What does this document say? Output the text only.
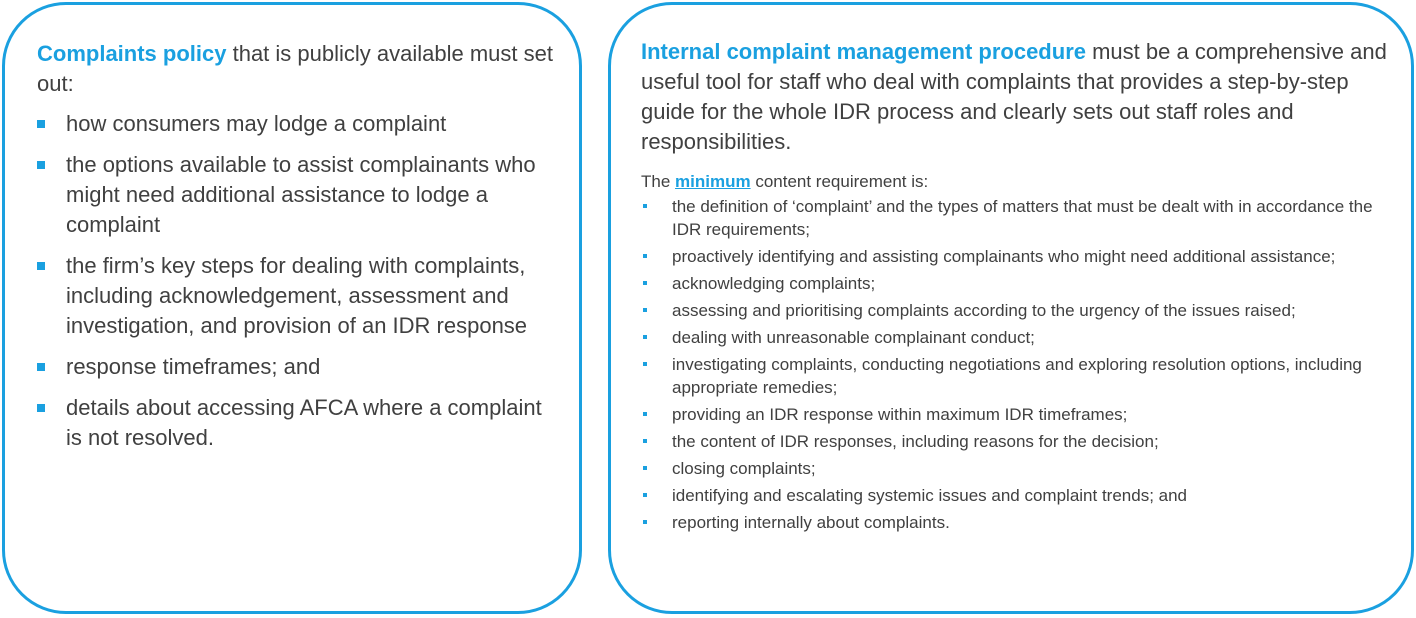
Complaints policy that is publicly available must set out:

how consumers may lodge a complaint
the options available to assist complainants who might need additional assistance to lodge a complaint
the firm’s key steps for dealing with complaints, including acknowledgement, assessment and investigation, and provision of an IDR response
response timeframes; and
details about accessing AFCA where a complaint is not resolved.

Internal complaint management procedure must be a comprehensive and useful tool for staff who deal with complaints that provides a step-by-step guide for the whole IDR process and clearly sets out staff roles and responsibilities.

The minimum content requirement is:

the definition of ‘complaint’ and the types of matters that must be dealt with in accordance the IDR requirements;
proactively identifying and assisting complainants who might need additional assistance;
acknowledging complaints;
assessing and prioritising complaints according to the urgency of the issues raised;
dealing with unreasonable complainant conduct;
investigating complaints, conducting negotiations and exploring resolution options, including appropriate remedies;
providing an IDR response within maximum IDR timeframes;
the content of IDR responses, including reasons for the decision;
closing complaints;
identifying and escalating systemic issues and complaint trends; and
reporting internally about complaints.
